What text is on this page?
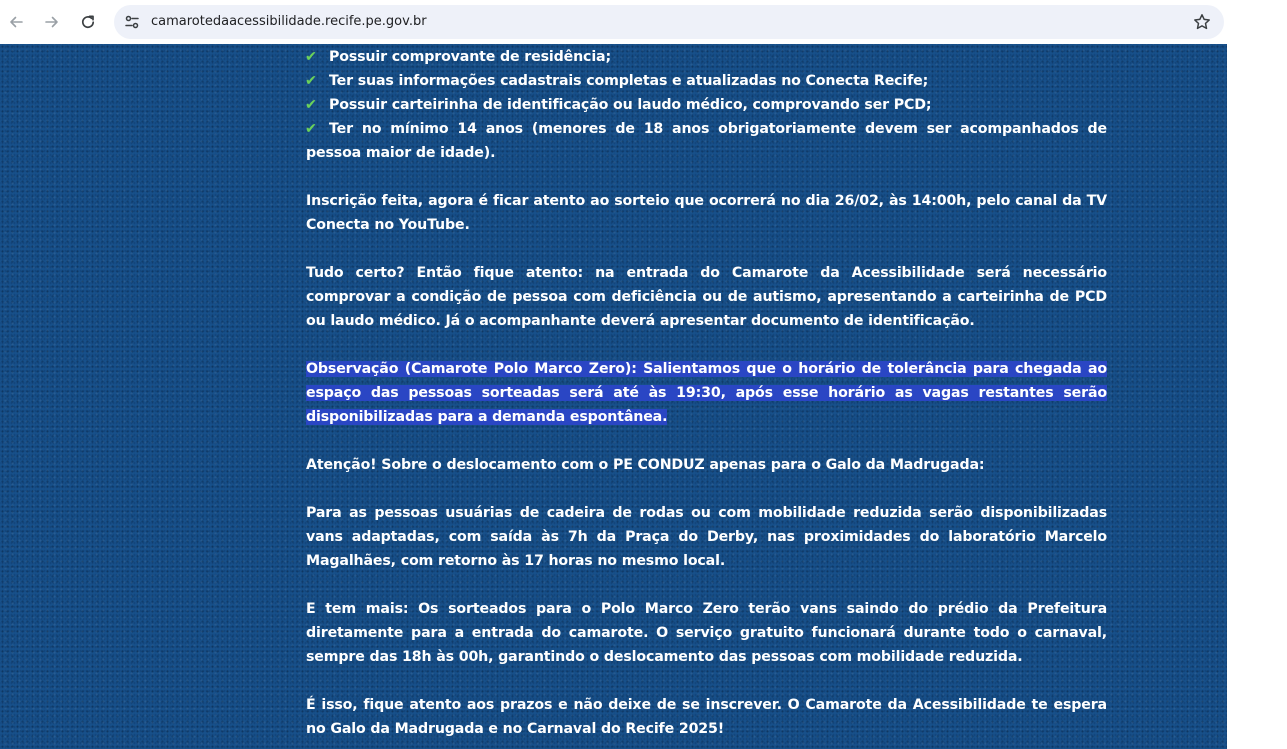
camarotedaacessibilidade.recife.pe.gov.br
✔ Possuir comprovante de residência;
✔ Ter suas informações cadastrais completas e atualizadas no Conecta Recife;
✔ Possuir carteirinha de identificação ou laudo médico, comprovando ser PCD;
✔ Ter no mínimo 14 anos (menores de 18 anos obrigatoriamente devem ser acompanhados de pessoa maior de idade).

Inscrição feita, agora é ficar atento ao sorteio que ocorrerá no dia 26/02, às 14:00h, pelo canal da TV Conecta no YouTube.

Tudo certo? Então fique atento: na entrada do Camarote da Acessibilidade será necessário comprovar a condição de pessoa com deficiência ou de autismo, apresentando a carteirinha de PCD ou laudo médico. Já o acompanhante deverá apresentar documento de identificação.

Observação (Camarote Polo Marco Zero): Salientamos que o horário de tolerância para chegada ao espaço das pessoas sorteadas será até às 19:30, após esse horário as vagas restantes serão disponibilizadas para a demanda espontânea.

Atenção! Sobre o deslocamento com o PE CONDUZ apenas para o Galo da Madrugada:

Para as pessoas usuárias de cadeira de rodas ou com mobilidade reduzida serão disponibilizadas vans adaptadas, com saída às 7h da Praça do Derby, nas proximidades do laboratório Marcelo Magalhães, com retorno às 17 horas no mesmo local.

E tem mais: Os sorteados para o Polo Marco Zero terão vans saindo do prédio da Prefeitura diretamente para a entrada do camarote. O serviço gratuito funcionará durante todo o carnaval, sempre das 18h às 00h, garantindo o deslocamento das pessoas com mobilidade reduzida.

É isso, fique atento aos prazos e não deixe de se inscrever. O Camarote da Acessibilidade te espera no Galo da Madrugada e no Carnaval do Recife 2025!
